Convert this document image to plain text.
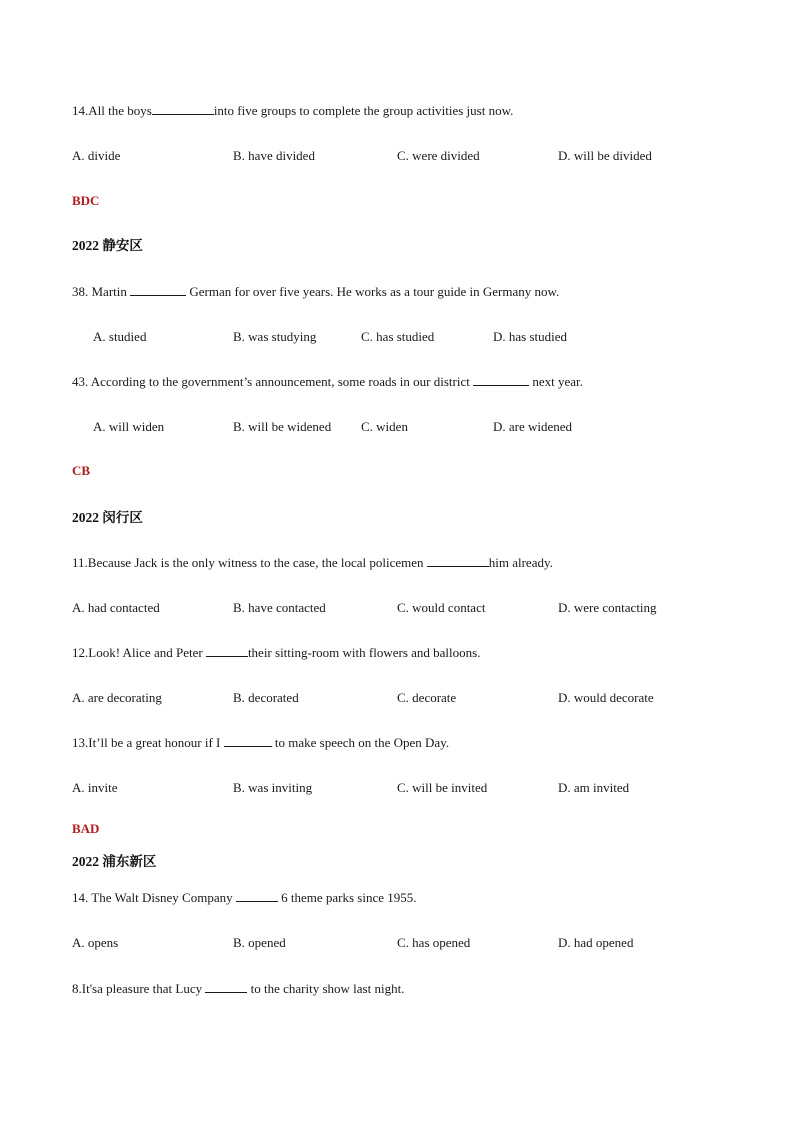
14.All the boys	into five groups to complete the group activities just now.
A. divide	B. have divided	C. were divided	D. will be divided
BDC
2022 静安区
38. Martin	German for over five years. He works as a tour guide in Germany now.
A. studied	B. was studying	C. has studied	D. has studied
43. According to the government’s announcement, some roads in our district	next year.
A. will widen	B. will be widened C. widen	D. are widened
CB
2022 闵行区
11.Because Jack is the only witness to the case, the local policemen	him already.
A. had contacted	B. have contacted	C. would contact	D. were contacting
12.Look! Alice and Peter	their sitting-room with flowers and balloons.
A. are decorating	B. decorated	C. decorate	D. would decorate
13.It’ll be a great honour if I	to make speech on the Open Day.
A. invite	B. was inviting	C. will be invited	D. am invited
BAD
2022 浦东新区
14. The Walt Disney Company	6 theme parks since 1955.
A. opens	B. opened	C. has opened	D. had opened
8.It'sa pleasure that Lucy	to the charity show last night.
